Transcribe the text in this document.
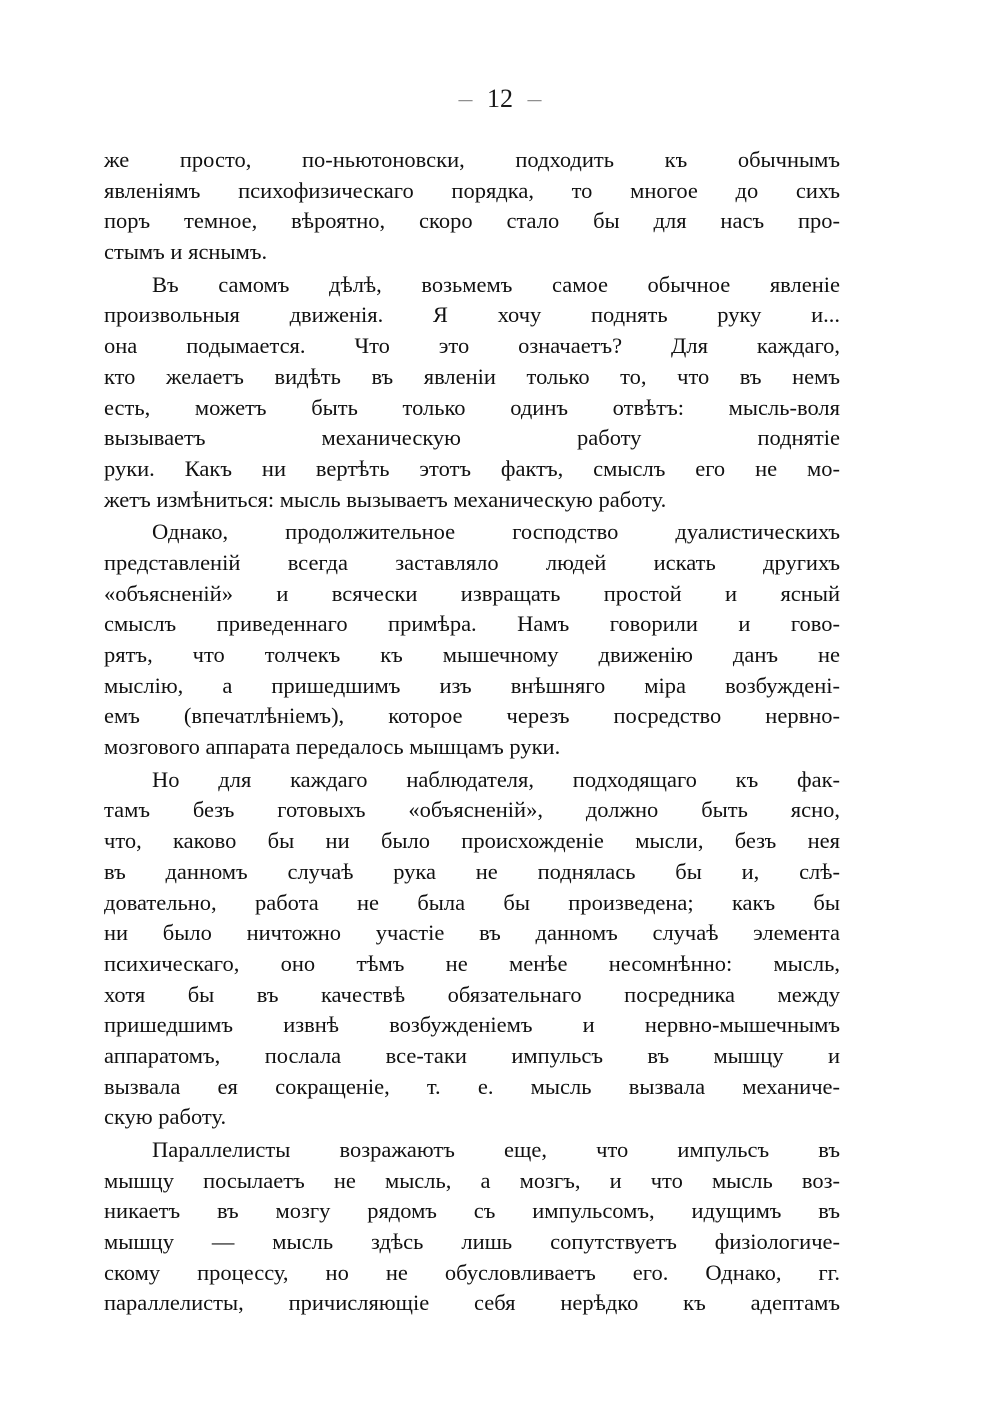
— 12 —
же просто, по-ньютоновски, подходить къ обычнымъ
явленіямъ психофизическаго порядка, то многое до сихъ
поръ темное, вѣроятно, скоро стало бы для насъ про-
стымъ и яснымъ.
Въ самомъ дѣлѣ, возьмемъ самое обычное явленіе
произвольныя движенія. Я хочу поднять руку и...
она подымается. Что это означаетъ? Для каждаго,
кто желаетъ видѣть въ явленіи только то, что въ немъ
есть, можетъ быть только одинъ отвѣтъ: мысль-воля
вызываетъ механическую работу поднятіе
руки. Какъ ни вертѣть этотъ фактъ, смыслъ его не мо-
жетъ измѣниться: мысль вызываетъ механическую работу.
Однако, продолжительное господство дуалистическихъ
представленій всегда заставляло людей искать другихъ
«объясненій» и всячески извращать простой и ясный
смыслъ приведеннаго примѣра. Намъ говорили и гово-
рятъ, что толчекъ къ мышечному движенію данъ не
мыслію, а пришедшимъ изъ внѣшняго міра возбужденi-
емъ (впечатлѣніемъ), которое черезъ посредство нервно-
мозгового аппарата передалось мышцамъ руки.
Но для каждаго наблюдателя, подходящаго къ фак-
тамъ безъ готовыхъ «объясненій», должно быть ясно,
что, каково бы ни было происхожденіе мысли, безъ нея
въ данномъ случаѣ рука не поднялась бы и, слѣ-
довательно, работа не была бы произведена; какъ бы
ни было ничтожно участіе въ данномъ случаѣ элемента
психическаго, оно тѣмъ не менѣе несомнѣнно: мысль,
хотя бы въ качествѣ обязательнаго посредника между
пришедшимъ извнѣ возбужденіемъ и нервно-мышечнымъ
аппаратомъ, послала все-таки импульсъ въ мышцу и
вызвала ея сокращеніе, т. е. мысль вызвала механиче-
скую работу.
Параллелисты возражаютъ еще, что импульсъ въ
мышцу посылаетъ не мысль, а мозгъ, и что мысль воз-
никаетъ въ мозгу рядомъ съ импульсомъ, идущимъ въ
мышцу — мысль здѣсь лишь сопутствуетъ физіологиче-
скому процессу, но не обусловливаетъ его. Однако, гг.
параллелисты, причисляющіе себя нерѣдко къ адептамъ
